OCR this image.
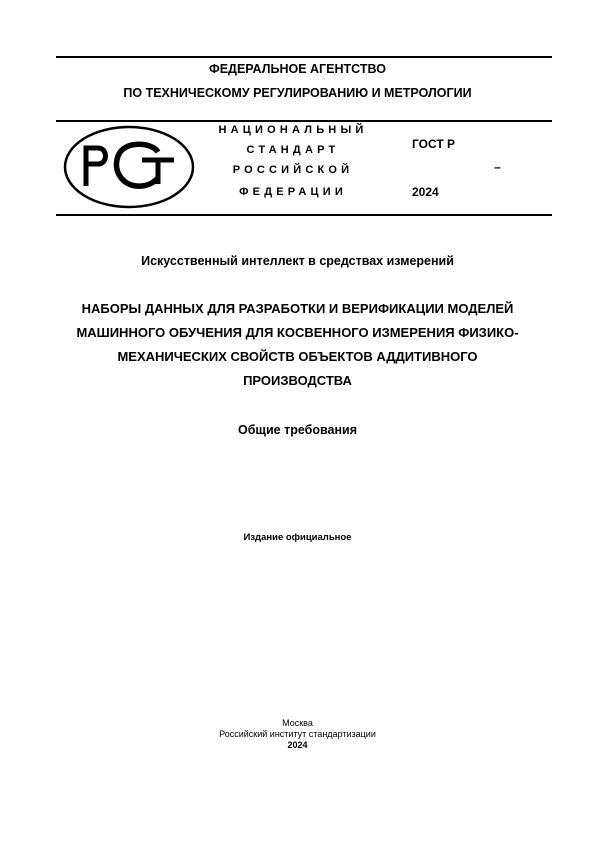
ФЕДЕРАЛЬНОЕ АГЕНТСТВО
ПО ТЕХНИЧЕСКОМУ РЕГУЛИРОВАНИЮ И МЕТРОЛОГИИ
НАЦИОНАЛЬНЫЙ
СТАНДАРТ
РОССИЙСКОЙ
ФЕДЕРАЦИИ
ГОСТ Р
–
2024
Искусственный интеллект в средствах измерений
НАБОРЫ ДАННЫХ ДЛЯ РАЗРАБОТКИ И ВЕРИФИКАЦИИ МОДЕЛЕЙ
МАШИННОГО ОБУЧЕНИЯ ДЛЯ КОСВЕННОГО ИЗМЕРЕНИЯ ФИЗИКО-
МЕХАНИЧЕСКИХ СВОЙСТВ ОБЪЕКТОВ АДДИТИВНОГО
ПРОИЗВОДСТВА
Общие требования
Издание официальное
Москва
Российский институт стандартизации
2024
